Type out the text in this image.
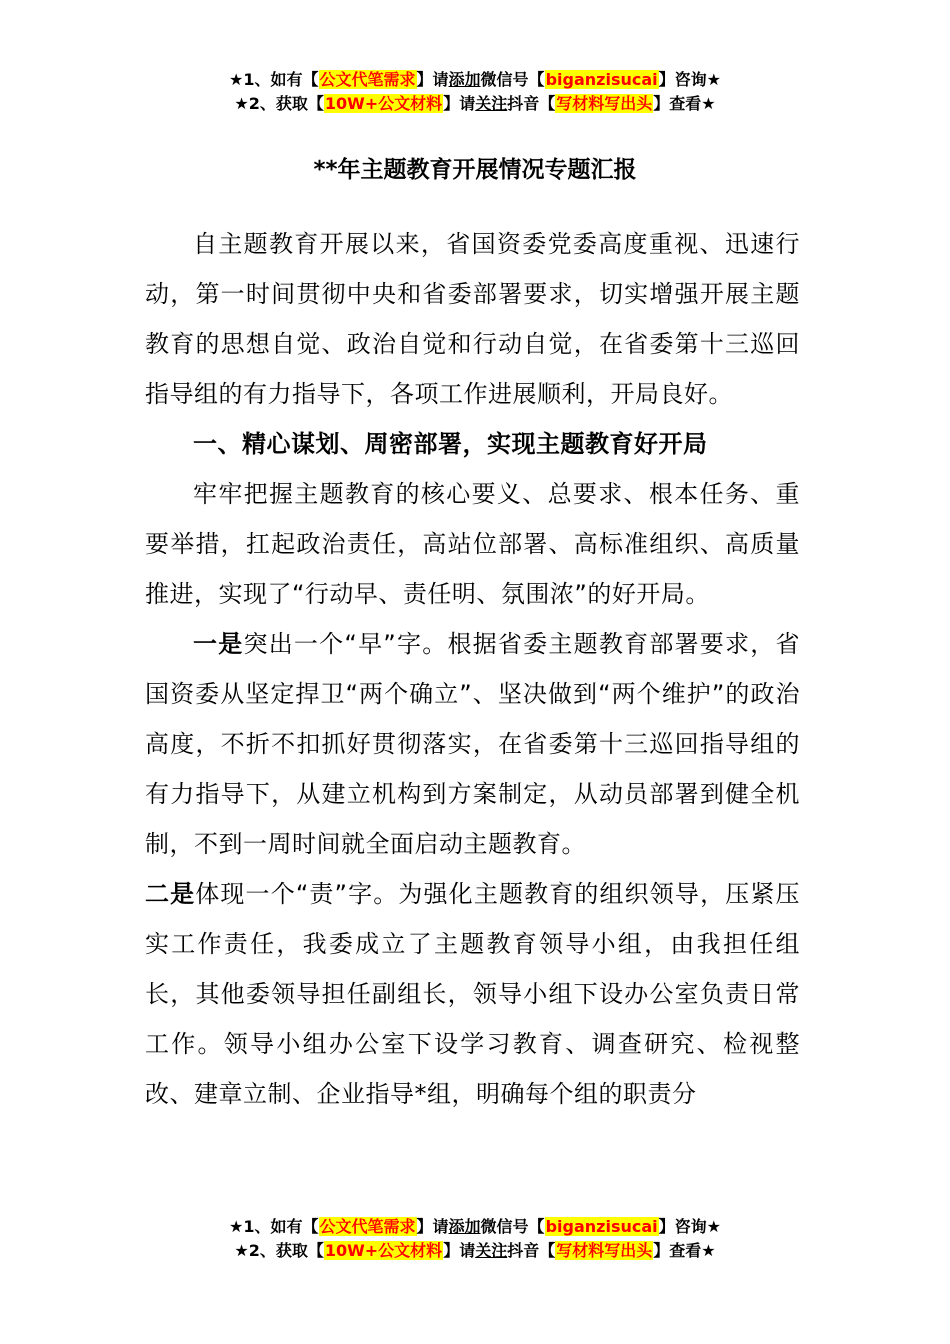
★1、如有【公文代笔需求】请添加微信号【biganzisucai】咨询★
★2、获取【10W+公文材料】请关注抖音【写材料写出头】查看★
**年主题教育开展情况专题汇报

自主题教育开展以来，省国资委党委高度重视、迅速行动，第一时间贯彻中央和省委部署要求，切实增强开展主题教育的思想自觉、政治自觉和行动自觉，在省委第十三巡回指导组的有力指导下，各项工作进展顺利，开局良好。

一、精心谋划、周密部署，实现主题教育好开局

牢牢把握主题教育的核心要义、总要求、根本任务、重要举措，扛起政治责任，高站位部署、高标准组织、高质量推进，实现了“行动早、责任明、氛围浓”的好开局。

一是突出一个“早”字。根据省委主题教育部署要求，省国资委从坚定捍卫“两个确立”、坚决做到“两个维护”的政治高度，不折不扣抓好贯彻落实，在省委第十三巡回指导组的有力指导下，从建立机构到方案制定，从动员部署到健全机制，不到一周时间就全面启动主题教育。

二是体现一个“责”字。为强化主题教育的组织领导，压紧压实工作责任，我委成立了主题教育领导小组，由我担任组长，其他委领导担任副组长，领导小组下设办公室负责日常工作。领导小组办公室下设学习教育、调查研究、检视整改、建章立制、企业指导*组，明确每个组的职责分

★1、如有【公文代笔需求】请添加微信号【biganzisucai】咨询★
★2、获取【10W+公文材料】请关注抖音【写材料写出头】查看★
